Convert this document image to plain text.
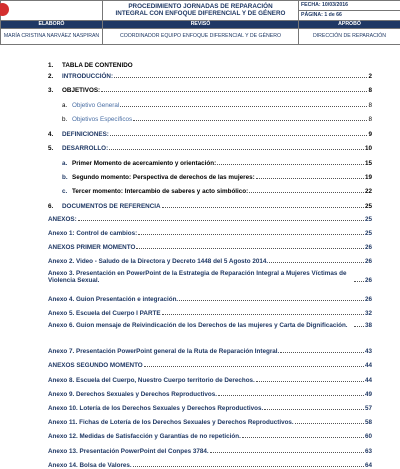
	PROCEDIMIENTO JORNADAS DE REPARACIÓN
INTEGRAL CON ENFOQUE DIFERENCIAL Y DE GÉNERO	FECHA: 10/03/2016
		PÁGINA: 1 de 66
ELABORÓ	REVISÓ	APROBÓ
MARÍA CRISTINA NARVÁEZ NASPIRAN	COORDINADOR EQUIPO ENFOQUE DIFERENCIAL Y DE GÉNERO	DIRECCIÓN DE REPARACIÓN
1.	TABLA DE CONTENIDO
2.	INTRODUCCIÓN:	2
3.	OBJETIVOS:	8
a. Objetivo General	8
b. Objetivos Específicos	8
4.	DEFINICIONES:	9
5.	DESARROLLO:	10
a. Primer Momento de acercamiento y orientación:	15
b. Segundo momento: Perspectiva de derechos de las mujeres:	19
c. Tercer momento: Intercambio de saberes y acto simbólico:	22
6.	DOCUMENTOS DE REFERENCIA	25
ANEXOS:	25
Anexo 1: Control de cambios:	25
ANEXOS PRIMER MOMENTO	26
Anexo 2. Video - Saludo de la Directora y Decreto 1448 del 5 Agosto 2014.	26
Anexo 3. Presentación en PowerPoint de la Estrategia de Reparación Integral a Mujeres Víctimas de Violencia Sexual.	26
Anexo 4. Guion Presentación e integración.	26
Anexo 5. Escuela del Cuerpo I PARTE	32
Anexo 6. Guion mensaje de Reivindicación de los Derechos de las mujeres y Carta de Dignificación.	38
Anexo 7. Presentación PowerPoint general de la Ruta de Reparación Integral.	43
ANEXOS SEGUNDO MOMENTO	44
Anexo 8. Escuela del Cuerpo, Nuestro Cuerpo territorio de Derechos.	44
Anexo 9. Derechos Sexuales y Derechos Reproductivos.	49
Anexo 10. Lotería de los Derechos Sexuales y Derechos Reproductivos.	57
Anexo 11. Fichas de Lotería de los Derechos Sexuales y Derechos Reproductivos.	58
Anexo 12. Medidas de Satisfacción y Garantías de no repetición.	60
Anexo 13. Presentación PowerPoint del Conpes 3784.	63
Anexo 14. Bolsa de Valores.	64
